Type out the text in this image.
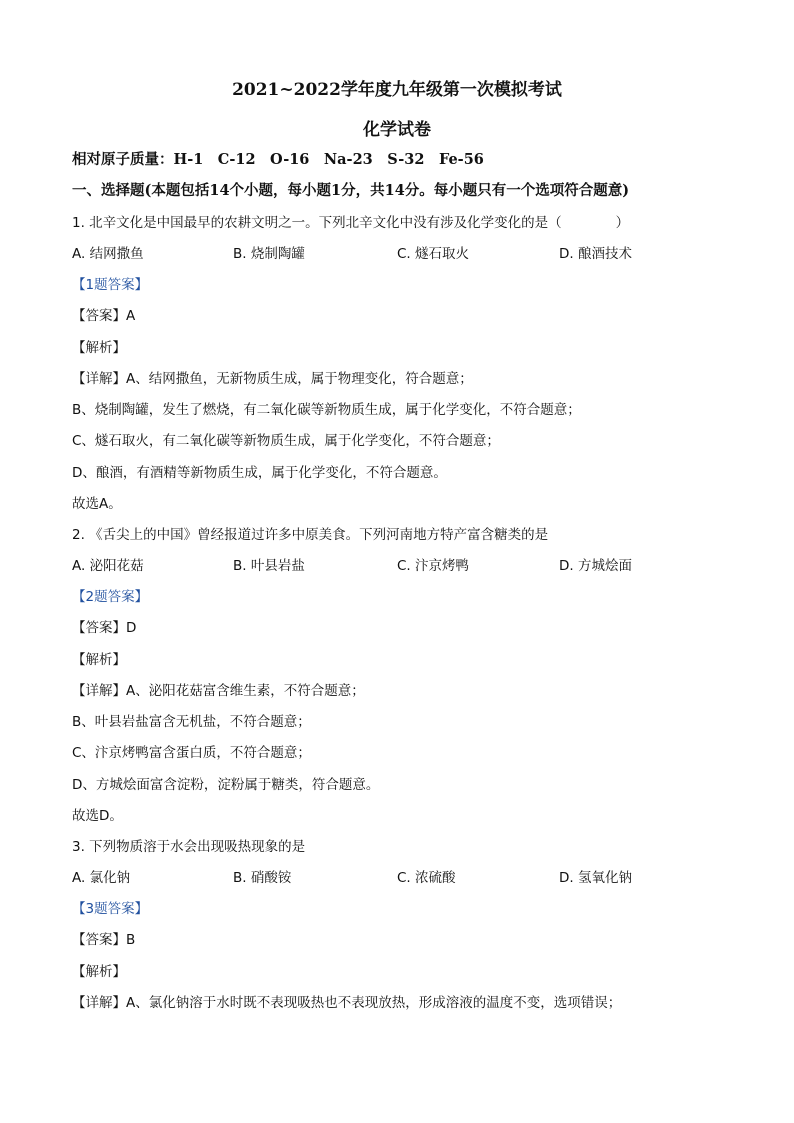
2021~2022学年度九年级第一次模拟考试
化学试卷
相对原子质量：H-1　C-12　O-16　Na-23　S-32　Fe-56
一、选择题(本题包括14个小题，每小题1分，共14分。每小题只有一个选项符合题意)
1. 北辛文化是中国最早的农耕文明之一。下列北辛文化中没有涉及化学变化的是（　　　　）
A. 结网撒鱼	B. 烧制陶罐	C. 燧石取火	D. 酿酒技术
【1题答案】
【答案】A
【解析】
【详解】A、结网撒鱼，无新物质生成，属于物理变化，符合题意；
B、烧制陶罐，发生了燃烧，有二氧化碳等新物质生成，属于化学变化，不符合题意；
C、燧石取火，有二氧化碳等新物质生成，属于化学变化，不符合题意；
D、酿酒，有酒精等新物质生成，属于化学变化，不符合题意。
故选A。
2. 《舌尖上的中国》曾经报道过许多中原美食。下列河南地方特产富含糖类的是
A. 泌阳花菇	B. 叶县岩盐	C. 汴京烤鸭	D. 方城烩面
【2题答案】
【答案】D
【解析】
【详解】A、泌阳花菇富含维生素，不符合题意；
B、叶县岩盐富含无机盐，不符合题意；
C、汴京烤鸭富含蛋白质，不符合题意；
D、方城烩面富含淀粉，淀粉属于糖类，符合题意。
故选D。
3. 下列物质溶于水会出现吸热现象的是
A. 氯化钠	B. 硝酸铵	C. 浓硫酸	D. 氢氧化钠
【3题答案】
【答案】B
【解析】
【详解】A、氯化钠溶于水时既不表现吸热也不表现放热，形成溶液的温度不变，选项错误；
